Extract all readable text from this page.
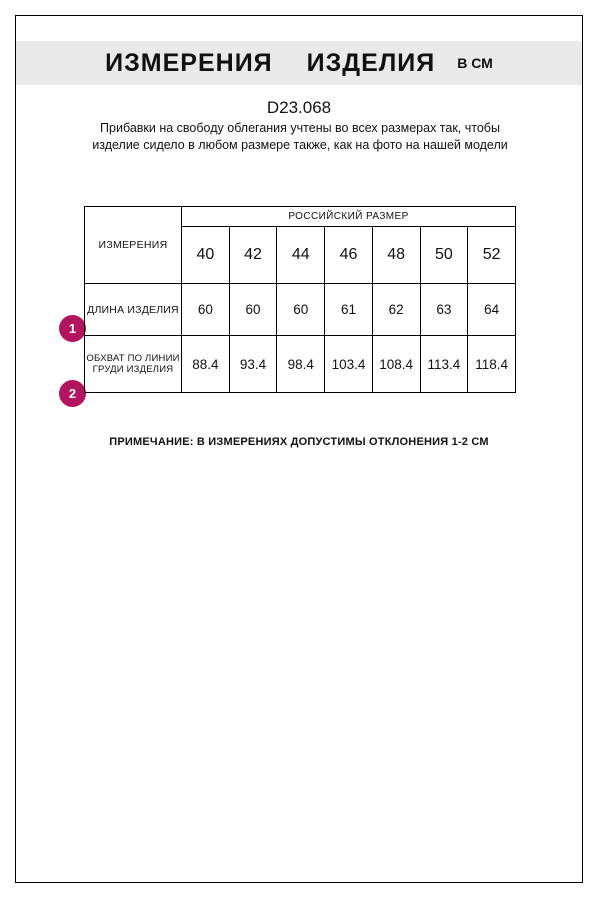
ИЗМЕРЕНИЯ ИЗДЕЛИЯ В СМ
D23.068
Прибавки на свободу облегания учтены во всех размерах так, чтобы изделие сидело в любом размере также, как на фото на нашей модели
1
2
ИЗМЕРЕНИЯ	РОССИЙСКИЙ РАЗМЕР						
	40	42	44	46	48	50	52
ДЛИНА ИЗДЕЛИЯ	60	60	60	61	62	63	64
ОБХВАТ ПО ЛИНИИ ГРУДИ ИЗДЕЛИЯ	88.4	93.4	98.4	103.4	108.4	113.4	118.4
ПРИМЕЧАНИЕ: В ИЗМЕРЕНИЯХ ДОПУСТИМЫ ОТКЛОНЕНИЯ 1-2 СМ
